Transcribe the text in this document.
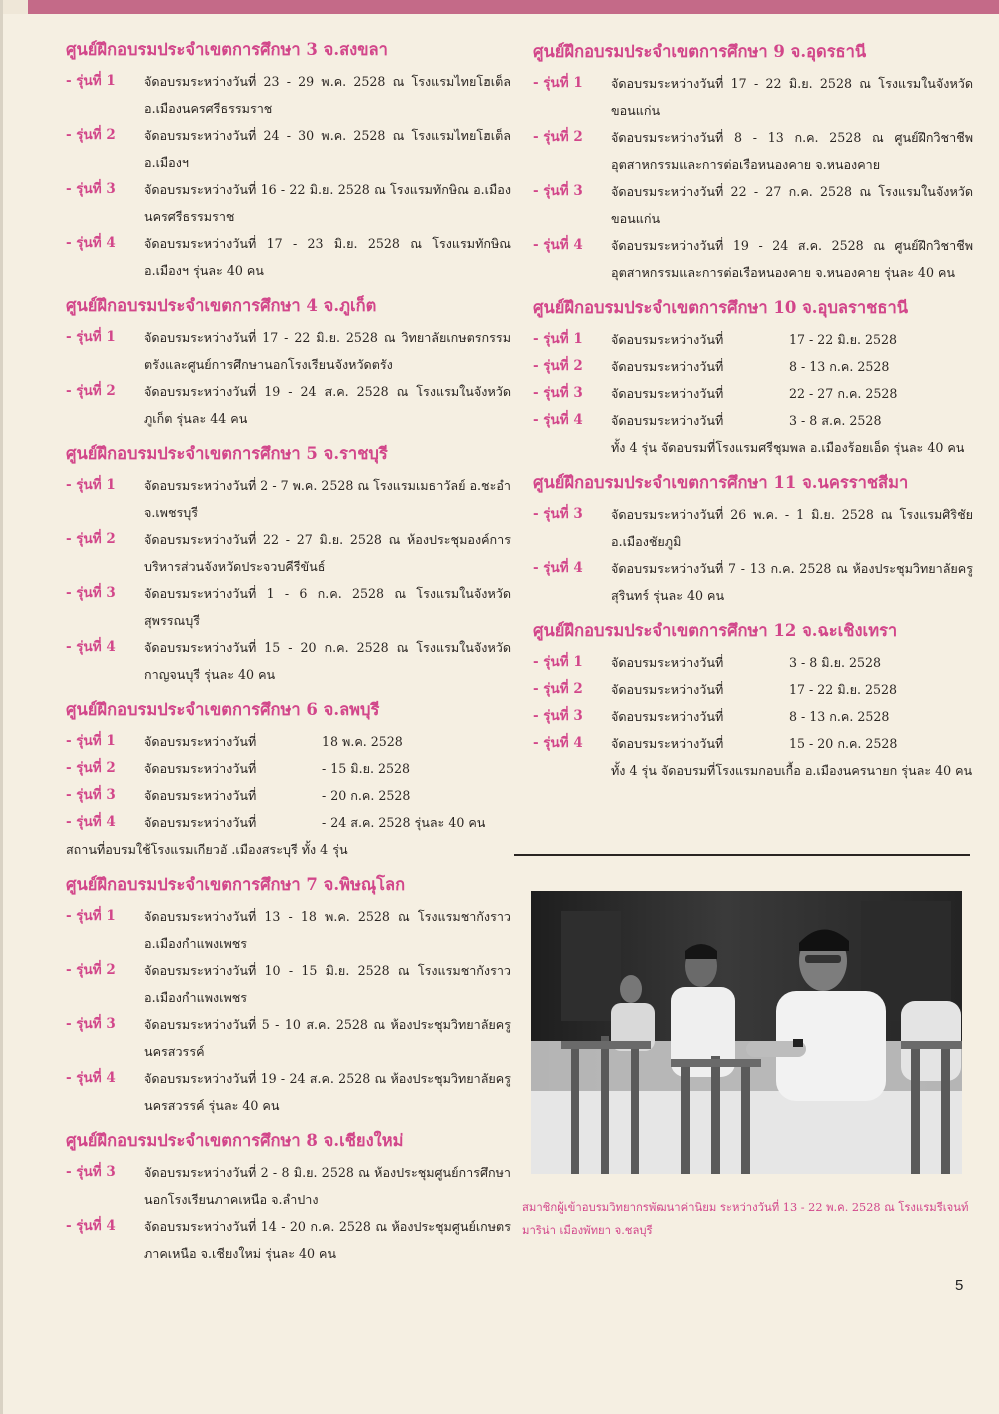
ศูนย์ฝึกอบรมประจำเขตการศึกษา 3 จ.สงขลา
- รุ่นที่ 1	จัดอบรมระหว่างวันที่ 23 - 29 พ.ค. 2528 ณ โรงแรมไทยโฮเต็ล อ.เมืองนครศรีธรรมราช
- รุ่นที่ 2	จัดอบรมระหว่างวันที่ 24 - 30 พ.ค. 2528 ณ โรงแรมไทยโฮเต็ล อ.เมืองฯ
- รุ่นที่ 3	จัดอบรมระหว่างวันที่ 16 - 22 มิ.ย. 2528 ณ โรงแรมทักษิณ อ.เมืองนครศรีธรรมราช
- รุ่นที่ 4	จัดอบรมระหว่างวันที่ 17 - 23 มิ.ย. 2528 ณ โรงแรมทักษิณ อ.เมืองฯ รุ่นละ 40 คน
ศูนย์ฝึกอบรมประจำเขตการศึกษา 4 จ.ภูเก็ต
- รุ่นที่ 1	จัดอบรมระหว่างวันที่ 17 - 22 มิ.ย. 2528 ณ วิทยาลัยเกษตรกรรมตรังและศูนย์การศึกษานอกโรงเรียนจังหวัดตรัง
- รุ่นที่ 2	จัดอบรมระหว่างวันที่ 19 - 24 ส.ค. 2528 ณ โรงแรมในจังหวัดภูเก็ต รุ่นละ 44 คน
ศูนย์ฝึกอบรมประจำเขตการศึกษา 5 จ.ราชบุรี
- รุ่นที่ 1	จัดอบรมระหว่างวันที่ 2 - 7 พ.ค. 2528 ณ โรงแรมเมธาวัลย์ อ.ชะอำ จ.เพชรบุรี
- รุ่นที่ 2	จัดอบรมระหว่างวันที่ 22 - 27 มิ.ย. 2528 ณ ห้องประชุมองค์การบริหารส่วนจังหวัดประจวบคีรีขันธ์
- รุ่นที่ 3	จัดอบรมระหว่างวันที่ 1 - 6 ก.ค. 2528 ณ โรงแรมในจังหวัดสุพรรณบุรี
- รุ่นที่ 4	จัดอบรมระหว่างวันที่ 15 - 20 ก.ค. 2528 ณ โรงแรมในจังหวัดกาญจนบุรี รุ่นละ 40 คน
ศูนย์ฝึกอบรมประจำเขตการศึกษา 6 จ.ลพบุรี
- รุ่นที่ 1	จัดอบรมระหว่างวันที่	18 พ.ค. 2528
- รุ่นที่ 2	จัดอบรมระหว่างวันที่	- 15 มิ.ย. 2528
- รุ่นที่ 3	จัดอบรมระหว่างวันที่	- 20 ก.ค. 2528
- รุ่นที่ 4	จัดอบรมระหว่างวันที่	- 24 ส.ค. 2528 รุ่นละ 40 คน
สถานที่อบรมใช้โรงแรมเกียวอั .เมืองสระบุรี ทั้ง 4 รุ่น
ศูนย์ฝึกอบรมประจำเขตการศึกษา 7 จ.พิษณุโลก
- รุ่นที่ 1	จัดอบรมระหว่างวันที่ 13 - 18 พ.ค. 2528 ณ โรงแรมชากังราว อ.เมืองกำแพงเพชร
- รุ่นที่ 2	จัดอบรมระหว่างวันที่ 10 - 15 มิ.ย. 2528 ณ โรงแรมชากังราว อ.เมืองกำแพงเพชร
- รุ่นที่ 3	จัดอบรมระหว่างวันที่ 5 - 10 ส.ค. 2528 ณ ห้องประชุมวิทยาลัยครูนครสวรรค์
- รุ่นที่ 4	จัดอบรมระหว่างวันที่ 19 - 24 ส.ค. 2528 ณ ห้องประชุมวิทยาลัยครูนครสวรรค์ รุ่นละ 40 คน
ศูนย์ฝึกอบรมประจำเขตการศึกษา 8 จ.เชียงใหม่
- รุ่นที่ 3	จัดอบรมระหว่างวันที่ 2 - 8 มิ.ย. 2528 ณ ห้องประชุมศูนย์การศึกษานอกโรงเรียนภาคเหนือ จ.ลำปาง
- รุ่นที่ 4	จัดอบรมระหว่างวันที่ 14 - 20 ก.ค. 2528 ณ ห้องประชุมศูนย์เกษตรภาคเหนือ จ.เชียงใหม่ รุ่นละ 40 คน
ศูนย์ฝึกอบรมประจำเขตการศึกษา 9 จ.อุดรธานี
- รุ่นที่ 1	จัดอบรมระหว่างวันที่ 17 - 22 มิ.ย. 2528 ณ โรงแรมในจังหวัดขอนแก่น
- รุ่นที่ 2	จัดอบรมระหว่างวันที่ 8 - 13 ก.ค. 2528 ณ ศูนย์ฝึกวิชาชีพอุตสาหกรรมและการต่อเรือหนองคาย จ.หนองคาย
- รุ่นที่ 3	จัดอบรมระหว่างวันที่ 22 - 27 ก.ค. 2528 ณ โรงแรมในจังหวัดขอนแก่น
- รุ่นที่ 4	จัดอบรมระหว่างวันที่ 19 - 24 ส.ค. 2528 ณ ศูนย์ฝึกวิชาชีพอุตสาหกรรมและการต่อเรือหนองคาย จ.หนองคาย รุ่นละ 40 คน
ศูนย์ฝึกอบรมประจำเขตการศึกษา 10 จ.อุบลราชธานี
- รุ่นที่ 1	จัดอบรมระหว่างวันที่	17 - 22 มิ.ย. 2528
- รุ่นที่ 2	จัดอบรมระหว่างวันที่	8 - 13 ก.ค. 2528
- รุ่นที่ 3	จัดอบรมระหว่างวันที่	22 - 27 ก.ค. 2528
- รุ่นที่ 4	จัดอบรมระหว่างวันที่	3 - 8 ส.ค. 2528
ทั้ง 4 รุ่น จัดอบรมที่โรงแรมศรีชุมพล อ.เมืองร้อยเอ็ด รุ่นละ 40 คน
ศูนย์ฝึกอบรมประจำเขตการศึกษา 11 จ.นครราชสีมา
- รุ่นที่ 3	จัดอบรมระหว่างวันที่ 26 พ.ค. - 1 มิ.ย. 2528 ณ โรงแรมศิริชัย อ.เมืองชัยภูมิ
- รุ่นที่ 4	จัดอบรมระหว่างวันที่ 7 - 13 ก.ค. 2528 ณ ห้องประชุมวิทยาลัยครูสุรินทร์ รุ่นละ 40 คน
ศูนย์ฝึกอบรมประจำเขตการศึกษา 12 จ.ฉะเชิงเทรา
- รุ่นที่ 1	จัดอบรมระหว่างวันที่	3 - 8 มิ.ย. 2528
- รุ่นที่ 2	จัดอบรมระหว่างวันที่	17 - 22 มิ.ย. 2528
- รุ่นที่ 3	จัดอบรมระหว่างวันที่	8 - 13 ก.ค. 2528
- รุ่นที่ 4	จัดอบรมระหว่างวันที่	15 - 20 ก.ค. 2528
ทั้ง 4 รุ่น จัดอบรมที่โรงแรมกอบเกื้อ อ.เมืองนครนายก รุ่นละ 40 คน
สมาชิกผู้เข้าอบรมวิทยากรพัฒนาค่านิยม ระหว่างวันที่ 13 - 22 พ.ค. 2528 ณ โรงแรมรีเจนท์มาริน่า เมืองพัทยา จ.ชลบุรี
5
